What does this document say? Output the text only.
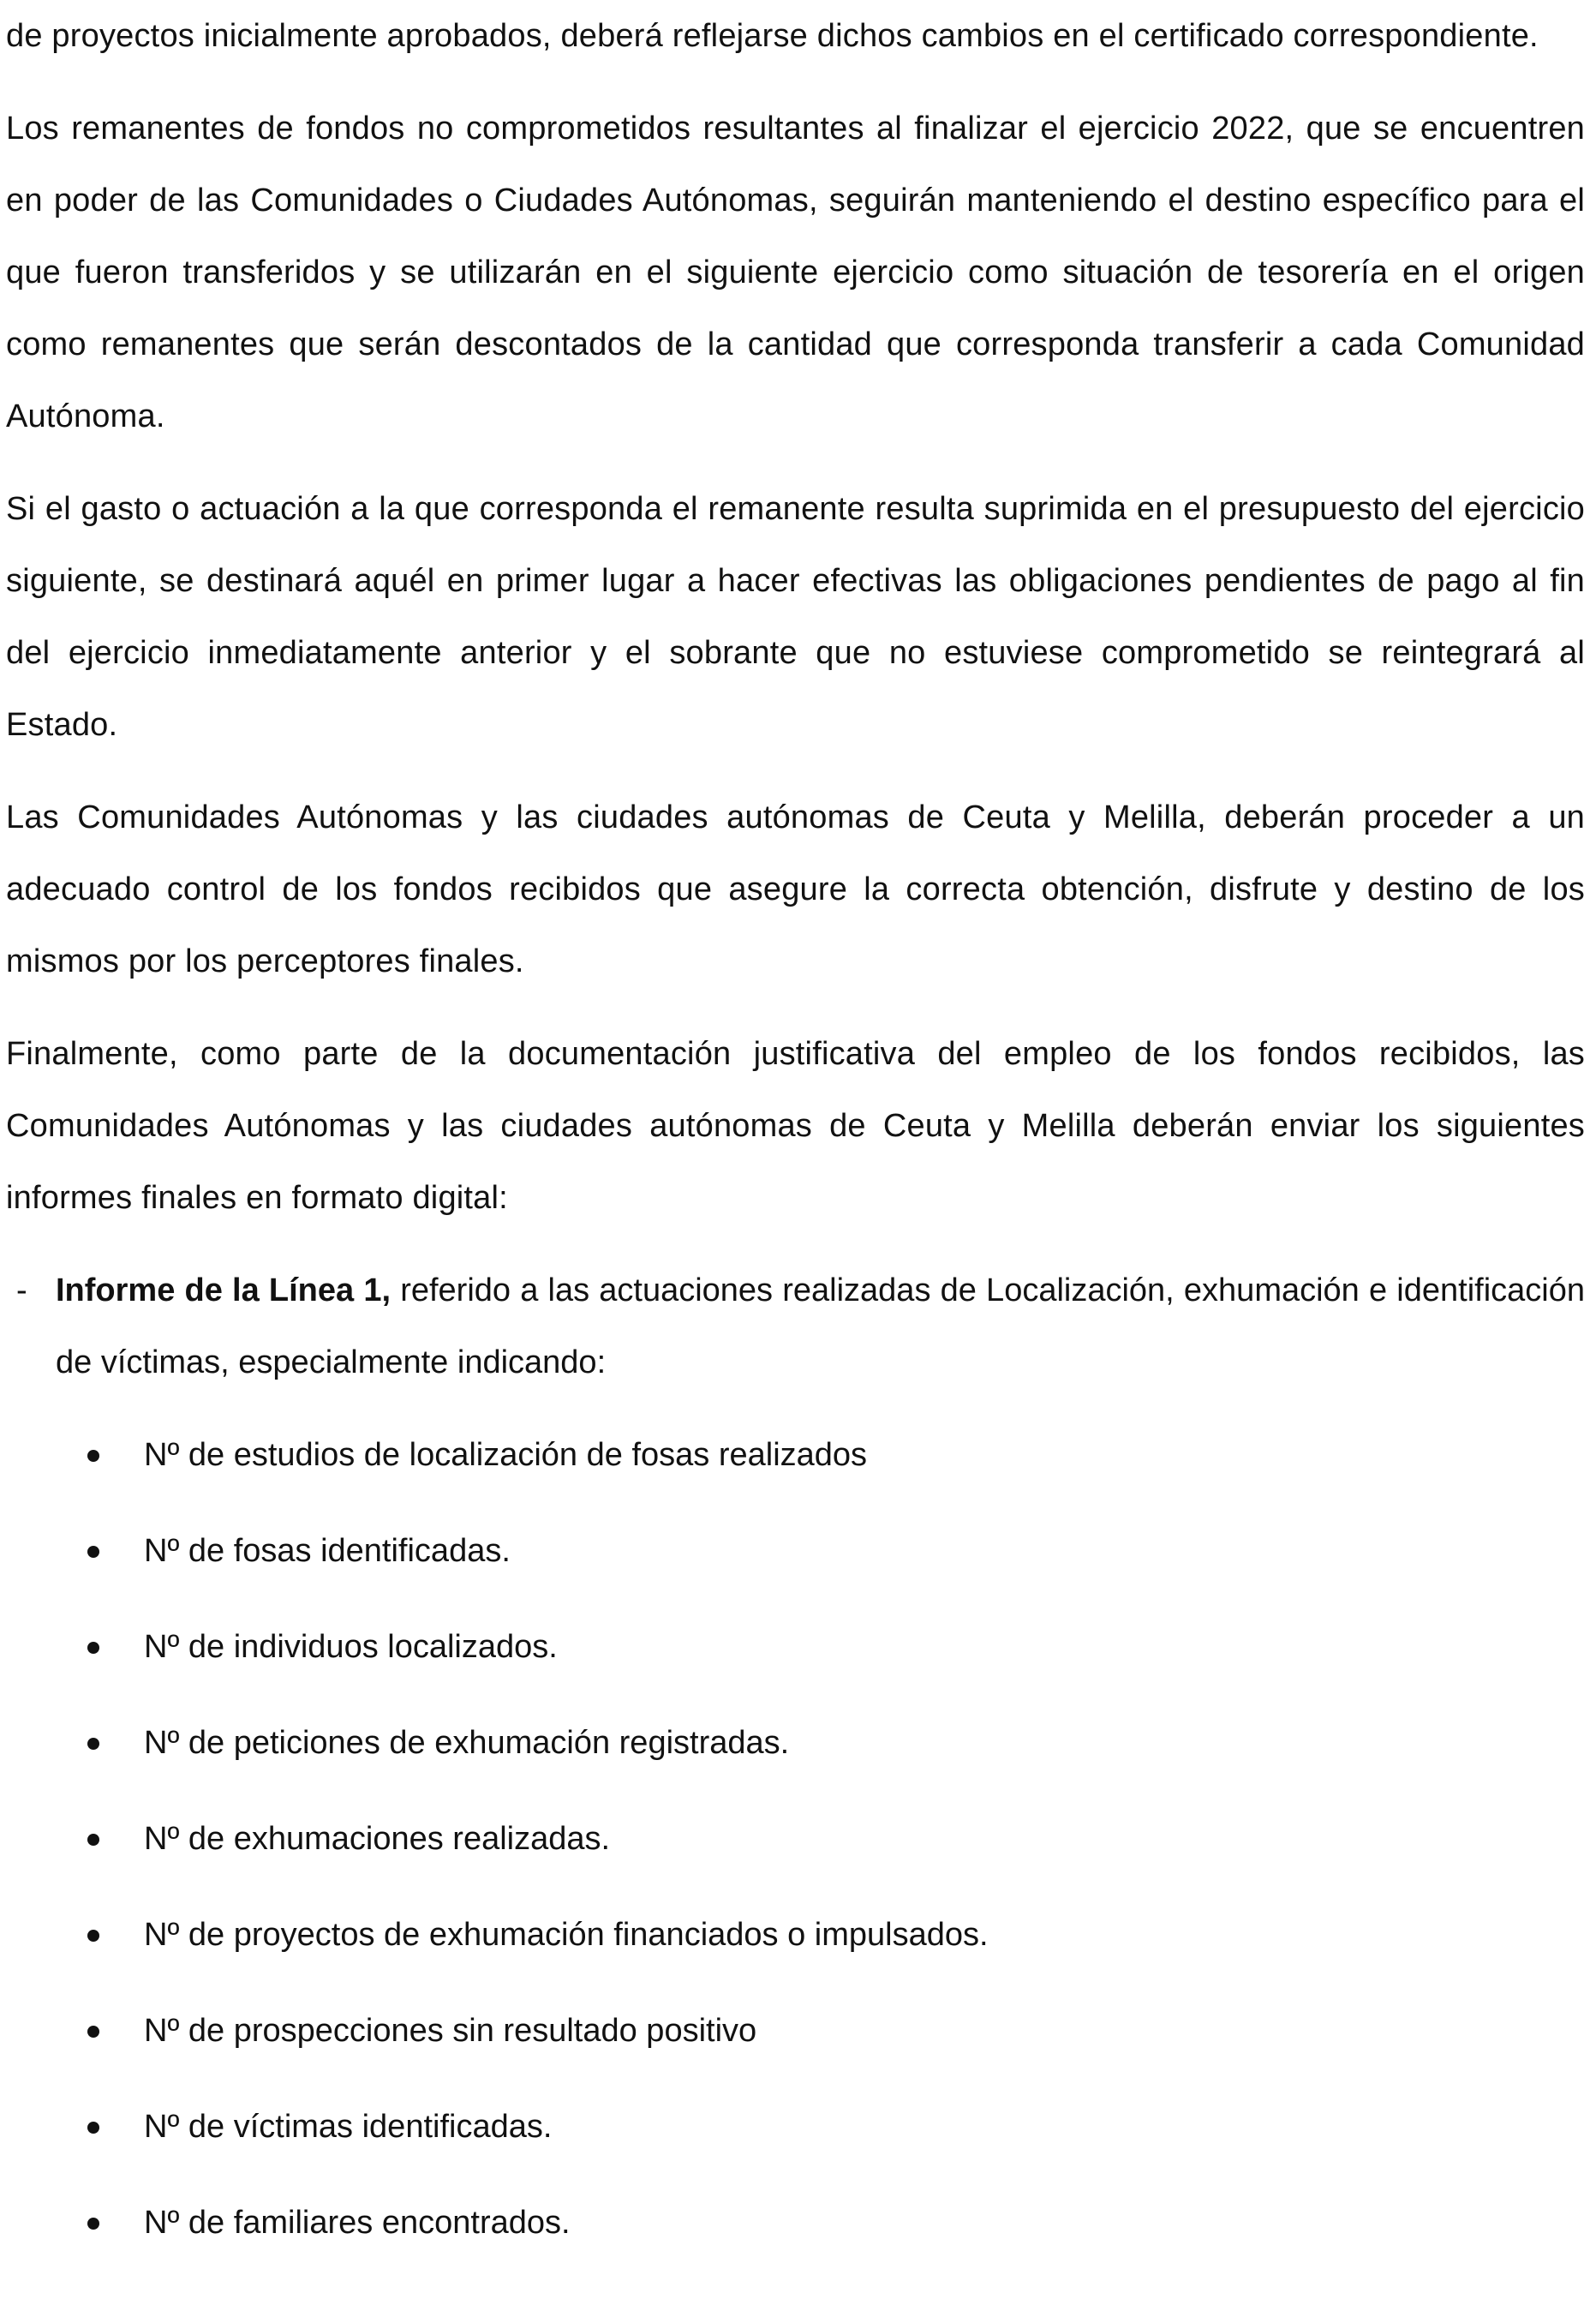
de proyectos inicialmente aprobados, deberá reflejarse dichos cambios en el certificado correspondiente.

Los remanentes de fondos no comprometidos resultantes al finalizar el ejercicio 2022, que se encuentren en poder de las Comunidades o Ciudades Autónomas, seguirán manteniendo el destino específico para el que fueron transferidos y se utilizarán en el siguiente ejercicio como situación de tesorería en el origen como remanentes que serán descontados de la cantidad que corresponda transferir a cada Comunidad Autónoma.

Si el gasto o actuación a la que corresponda el remanente resulta suprimida en el presupuesto del ejercicio siguiente, se destinará aquél en primer lugar a hacer efectivas las obligaciones pendientes de pago al fin del ejercicio inmediatamente anterior y el sobrante que no estuviese comprometido se reintegrará al Estado.

Las Comunidades Autónomas y las ciudades autónomas de Ceuta y Melilla, deberán proceder a un adecuado control de los fondos recibidos que asegure la correcta obtención, disfrute y destino de los mismos por los perceptores finales.

Finalmente, como parte de la documentación justificativa del empleo de los fondos recibidos, las Comunidades Autónomas y las ciudades autónomas de Ceuta y Melilla deberán enviar los siguientes informes finales en formato digital:

- Informe de la Línea 1, referido a las actuaciones realizadas de Localización, exhumación e identificación de víctimas, especialmente indicando:
Nº de estudios de localización de fosas realizados
Nº de fosas identificadas.
Nº de individuos localizados.
Nº de peticiones de exhumación registradas.
Nº de exhumaciones realizadas.
Nº de proyectos de exhumación financiados o impulsados.
Nº de prospecciones sin resultado positivo
Nº de víctimas identificadas.
Nº de familiares encontrados.
